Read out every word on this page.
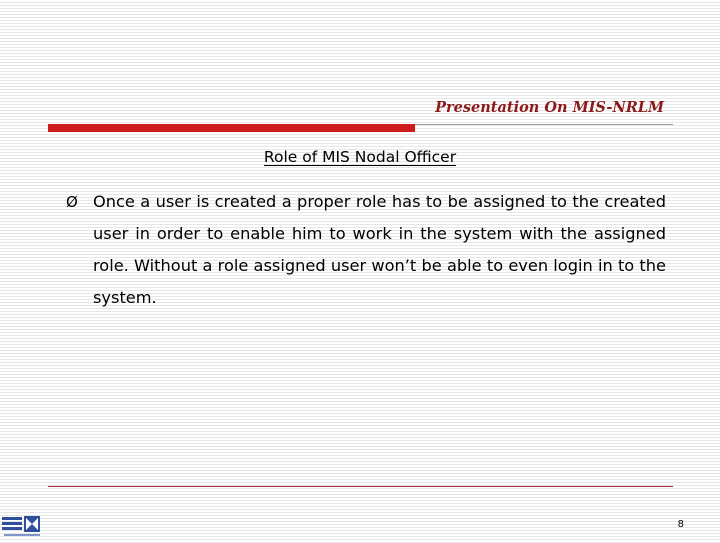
Presentation On MIS-NRLM
Role of MIS Nodal Officer
Ø Once a user is created a proper role has to be assigned to the created user in order to enable him to work in the system with the assigned role. Without a role assigned user won’t be able to even login in to the system.
8
